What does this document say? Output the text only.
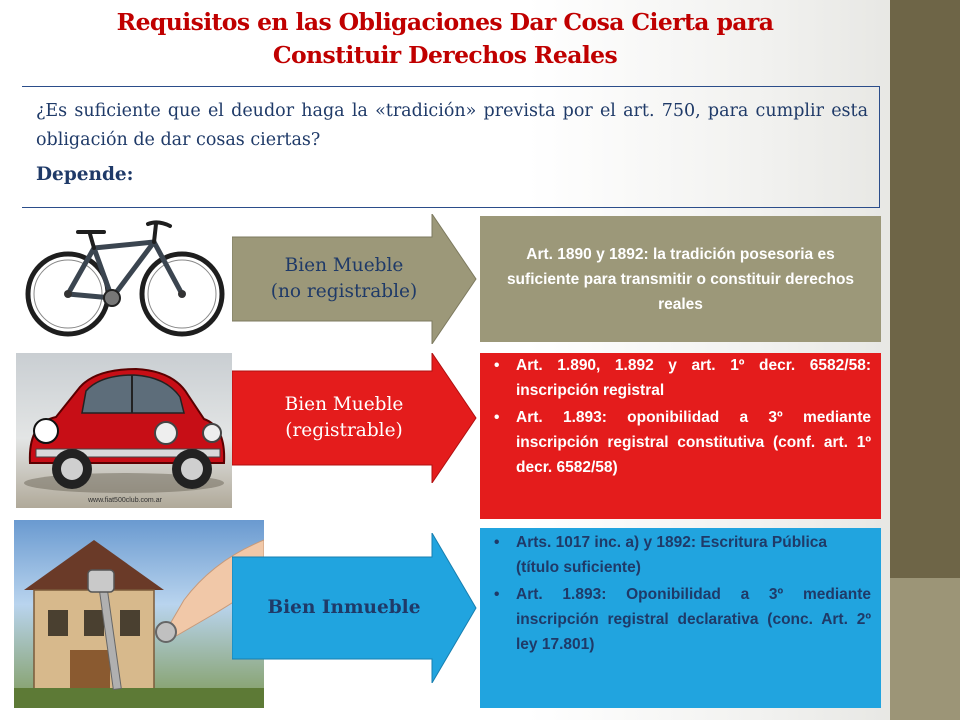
Requisitos en las Obligaciones Dar Cosa Cierta para
Constituir Derechos Reales
¿Es suficiente que el deudor haga la «tradición» prevista por el art. 750, para cumplir esta obligación de dar cosas ciertas?
Depende:
Bien Mueble
(no registrable)
Art. 1890 y 1892: la tradición posesoria es suficiente para transmitir o constituir derechos reales
www.fiat500club.com.ar
Bien Mueble
(registrable)
• Art. 1.890, 1.892 y art. 1º decr. 6582/58: inscripción registral
• Art. 1.893: oponibilidad a 3º mediante inscripción registral constitutiva (conf. art. 1º decr. 6582/58)
Bien Inmueble
• Arts. 1017 inc. a) y 1892: Escritura Pública (título suficiente)
• Art. 1.893: Oponibilidad a 3º mediante inscripción registral declarativa (conc. Art. 2º ley 17.801)
